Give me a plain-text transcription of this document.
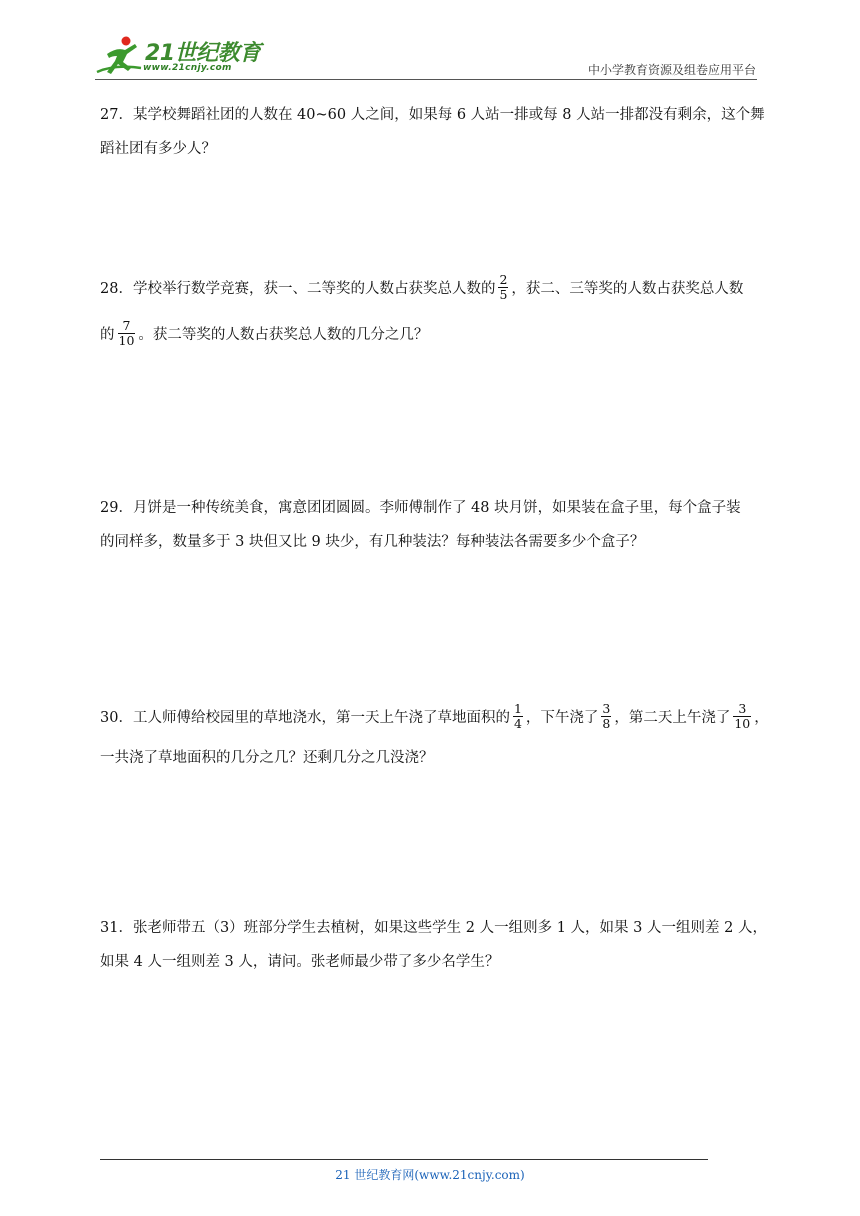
21世纪教育
www.21cnjy.com	中小学教育资源及组卷应用平台
27．某学校舞蹈社团的人数在 40~60 人之间，如果每 6 人站一排或每 8 人站一排都没有剩余，这个舞
蹈社团有多少人？
28．学校举行数学竞赛，获一、二等奖的人数占获奖总人数的 $\frac{2}{5}$ ，获二、三等奖的人数占获奖总人数
的 $\frac{7}{10}$ 。获二等奖的人数占获奖总人数的几分之几？
29．月饼是一种传统美食，寓意团团圆圆。李师傅制作了 48 块月饼，如果装在盒子里，每个盒子装
的同样多，数量多于 3 块但又比 9 块少，有几种装法？每种装法各需要多少个盒子？
30．工人师傅给校园里的草地浇水，第一天上午浇了草地面积的 $\frac{1}{4}$ ，下午浇了 $\frac{3}{8}$ ，第二天上午浇了 $\frac{3}{10}$ ，
一共浇了草地面积的几分之几？还剩几分之几没浇？
31．张老师带五（3）班部分学生去植树，如果这些学生 2 人一组则多 1 人，如果 3 人一组则差 2 人，
如果 4 人一组则差 3 人，请问。张老师最少带了多少名学生？
21 世纪教育网(www.21cnjy.com)
